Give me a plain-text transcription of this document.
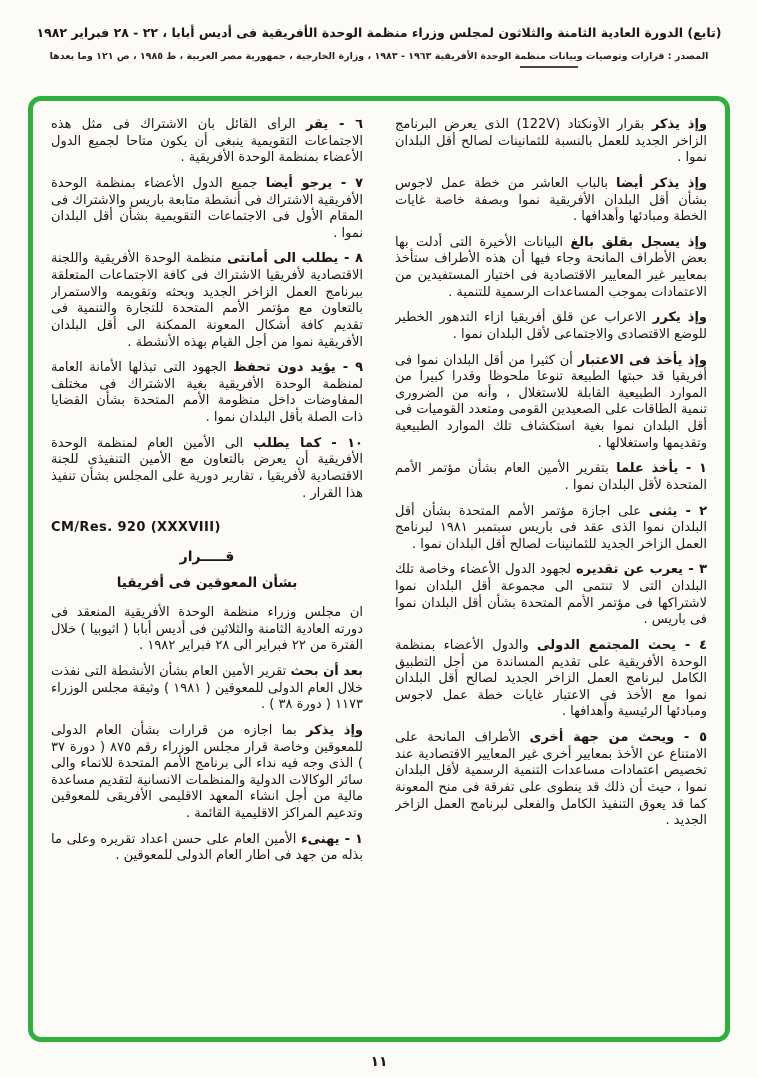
(تابع) الدورة العادية الثامنة والثلاثون لمجلس وزراء منظمة الوحدة الأفريقية فى أديس أبابا ، ٢٢ - ٢٨ فبراير ١٩٨٢
المصدر : قرارات وتوصيات وبيانات منظمة الوحدة الأفريقية ١٩٦٣ - ١٩٨٣ ، وزارة الخارجية ، جمهورية مصر العربية ، ط ١٩٨٥ ، ص ١٢١ وما بعدها

وإذ يذكر بقرار الأونكتاد (122V) الذى يعرض البرنامج الزاخر الجديد للعمل بالنسبة للثمانينات لصالح أقل البلدان نموا .

وإذ يذكر أيضا بالباب العاشر من خطة عمل لاجوس بشأن أقل البلدان الأفريقية نموا وبصفة خاصة غايات الخطة ومبادئها وأهدافها .

وإذ يسجل بقلق بالغ البيانات الأخيرة التى أدلت بها بعض الأطراف المانحة وجاء فيها أن هذه الأطراف ستأخذ بمعايير غير المعايير الاقتصادية فى اختيار المستفيدين من الاعتمادات بموجب المساعدات الرسمية للتنمية .

وإذ يكرر الاعراب عن قلق أفريقيا ازاء التدهور الخطير للوضع الاقتصادى والاجتماعى لأقل البلدان نموا .

وإذ يأخذ فى الاعتبار أن كثيرا من أقل البلدان نموا فى أفريقيا قد حبتها الطبيعة تنوعا ملحوظا وقدرا كبيرا من الموارد الطبيعية القابلة للاستغلال ، وأنه من الضرورى تنمية الطاقات على الصعيدين القومى ومتعدد القوميات فى أقل البلدان نموا بغية استكشاف تلك الموارد الطبيعية وتقديمها واستغلالها .

١ - يأخذ علما بتقرير الأمين العام بشأن مؤتمر الأمم المتحدة لأقل البلدان نموا .

٢ - يثنى على اجازة مؤتمر الأمم المتحدة بشأن أقل البلدان نموا الذى عقد فى باريس سبتمبر ١٩٨١ لبرنامج العمل الزاخر الجديد للثمانينات لصالح أقل البلدان نموا .

٣ - يعرب عن تقديره لجهود الدول الأعضاء وخاصة تلك البلدان التى لا تنتمى الى مجموعة أقل البلدان نموا لاشتراكها فى مؤتمر الأمم المتحدة بشأن أقل البلدان نموا فى باريس .

٤ - يحث المجتمع الدولى والدول الأعضاء بمنظمة الوحدة الأفريقية على تقديم المساندة من أجل التطبيق الكامل لبرنامج العمل الزاخر الجديد لصالح أقل البلدان نموا مع الأخذ فى الاعتبار غايات خطة عمل لاجوس ومبادئها الرئيسية وأهدافها .

٥ - ويحث من جهة أخرى الأطراف المانحة على الامتناع عن الأخذ بمعايير أخرى غير المعايير الاقتصادية عند تخصيص اعتمادات مساعدات التنمية الرسمية لأقل البلدان نموا ، حيث أن ذلك قد ينطوى على تفرقة فى منح المعونة كما قد يعوق التنفيذ الكامل والفعلى لبرنامج العمل الزاخر الجديد .

٦ - يقر الرأى القائل بأن الاشتراك فى مثل هذه الاجتماعات التقويمية ينبغى أن يكون متاحا لجميع الدول الأعضاء بمنظمة الوحدة الأفريقية .

٧ - يرجو أيضا جميع الدول الأعضاء بمنظمة الوحدة الأفريقية الاشتراك فى أنشطة متابعة باريس والاشتراك فى المقام الأول فى الاجتماعات التقويمية بشأن أقل البلدان نموا .

٨ - يطلب الى أمانتى منظمة الوحدة الأفريقية واللجنة الاقتصادية لأفريقيا الاشتراك فى كافة الاجتماعات المتعلقة ببرنامج العمل الزاخر الجديد وبحثه وتقويمه والاستمرار بالتعاون مع مؤتمر الأمم المتحدة للتجارة والتنمية فى تقديم كافة أشكال المعونة الممكنة الى أقل البلدان الأفريقية نموا من أجل القيام بهذه الأنشطة .

٩ - يؤيد دون تحفظ الجهود التى تبذلها الأمانة العامة لمنظمة الوحدة الأفريقية بغية الاشتراك فى مختلف المفاوضات داخل منظومة الأمم المتحدة بشأن القضايا ذات الصلة بأقل البلدان نموا .

١٠ - كما يطلب الى الأمين العام لمنظمة الوحدة الأفريقية أن يعرض بالتعاون مع الأمين التنفيذى للجنة الاقتصادية لأفريقيا ، تقارير دورية على المجلس بشأن تنفيذ هذا القرار .

CM/Res. 920 (XXXVIII)

قـــــرار

بشأن المعوقين فى أفريقيا

ان مجلس وزراء منظمة الوحدة الأفريقية المنعقد فى دورته العادية الثامنة والثلاثين فى أديس أبابا ( اثيوبيا ) خلال الفترة من ٢٢ فبراير الى ٢٨ فبراير ١٩٨٢ .

بعد أن بحث تقرير الأمين العام بشأن الأنشطة التى نفذت خلال العام الدولى للمعوقين ( ١٩٨١ ) وثيقة مجلس الوزراء ١١٧٣ ( دورة ٣٨ ) .

وإذ يذكر بما اجازه من قرارات بشأن العام الدولى للمعوقين وخاصة قرار مجلس الوزراء رقم ٨٧٥ ( دورة ٣٧ ) الذى وجه فيه نداء الى برنامج الأمم المتحدة للانماء والى سائر الوكالات الدولية والمنظمات الانسانية لتقديم مساعدة مالية من أجل انشاء المعهد الاقليمى الأفريقى للمعوقين وتدعيم المراكز الاقليمية القائمة .

١ - يهنىء الأمين العام على حسن اعداد تقريره وعلى ما بذله من جهد فى اطار العام الدولى للمعوقين .

١١
